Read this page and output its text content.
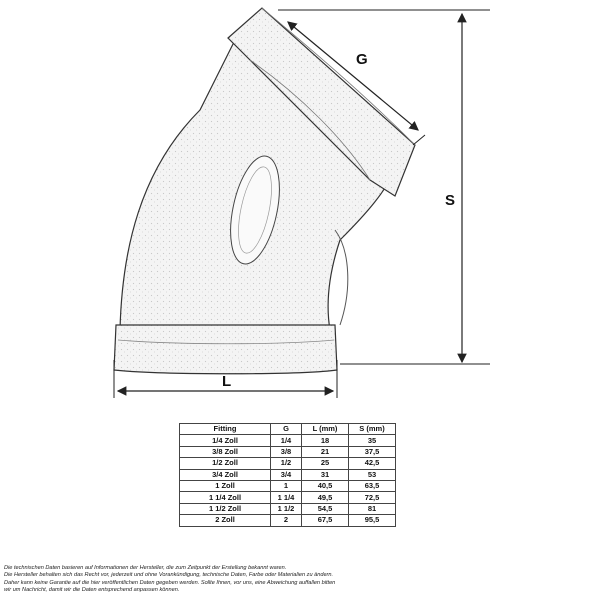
G
S
L
Fitting	G	L (mm)	S (mm)
1/4 Zoll	1/4	18	35
3/8 Zoll	3/8	21	37,5
1/2 Zoll	1/2	25	42,5
3/4 Zoll	3/4	31	53
1 Zoll	1	40,5	63,5
1 1/4 Zoll	1 1/4	49,5	72,5
1 1/2 Zoll	1 1/2	54,5	81
2 Zoll	2	67,5	95,5
Die technischen Daten basieren auf Informationen der Hersteller, die zum Zeitpunkt der Erstellung bekannt waren.
Die Hersteller behalten sich das Recht vor, jederzeit und ohne Vorankündigung, technische Daten, Farbe oder Materialien zu ändern.
Daher kann keine Garantie auf die hier veröffentlichen Daten gegeben werden. Sollte Ihnen, vor uns, eine Abweichung auffallen bitten
wir um Nachricht, damit wir die Daten entsprechend anpassen können.
